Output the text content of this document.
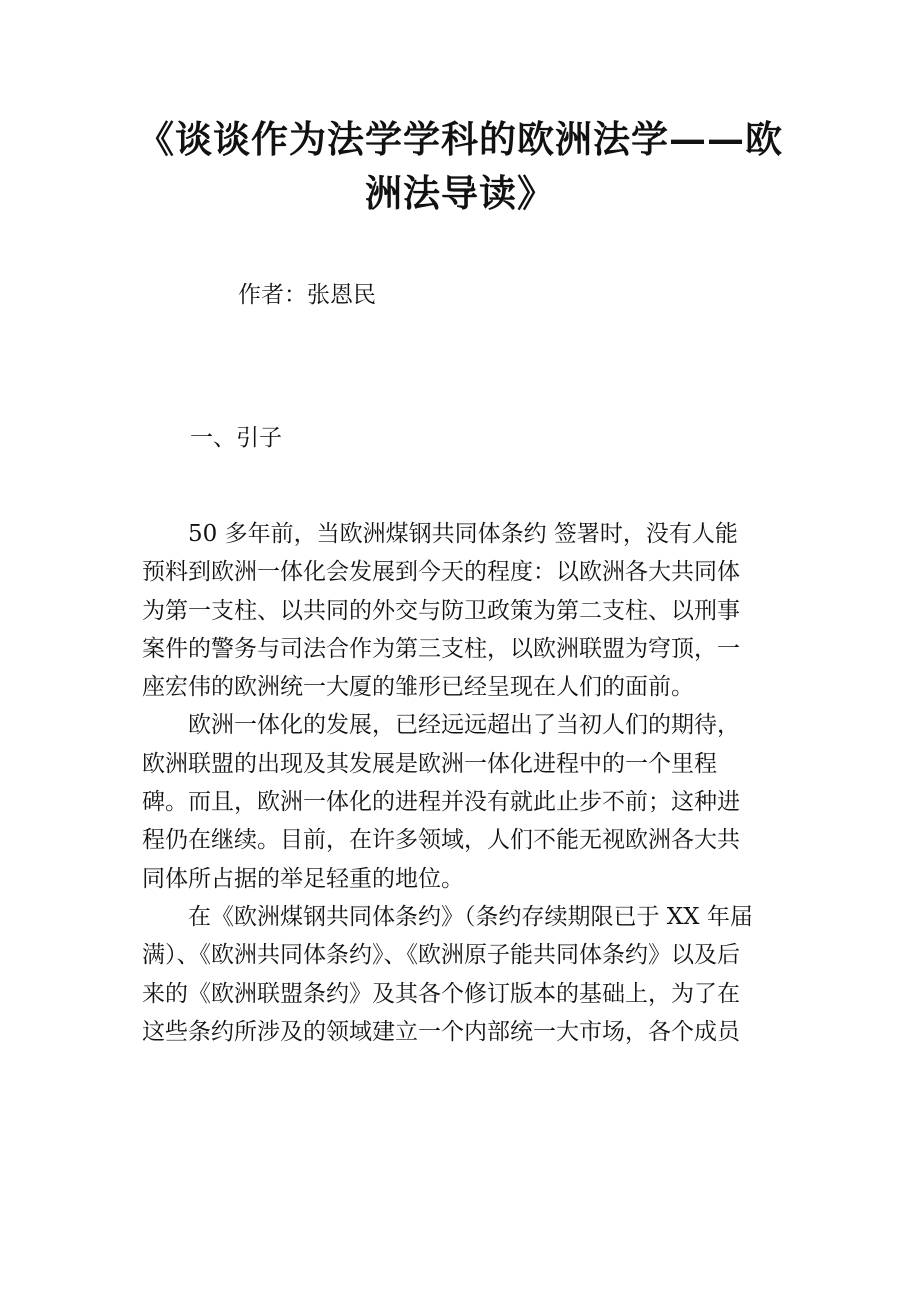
《谈谈作为法学学科的欧洲法学——欧洲法导读》

作者：张恩民

一、引子

50 多年前，当欧洲煤钢共同体条约 签署时，没有人能
预料到欧洲一体化会发展到今天的程度：以欧洲各大共同体
为第一支柱、以共同的外交与防卫政策为第二支柱、以刑事
案件的警务与司法合作为第三支柱，以欧洲联盟为穹顶，一
座宏伟的欧洲统一大厦的雏形已经呈现在人们的面前。

欧洲一体化的发展，已经远远超出了当初人们的期待，
欧洲联盟的出现及其发展是欧洲一体化进程中的一个里程
碑。而且，欧洲一体化的进程并没有就此止步不前；这种进
程仍在继续。目前，在许多领域，人们不能无视欧洲各大共
同体所占据的举足轻重的地位。

在《欧洲煤钢共同体条约》（条约存续期限已于 XX 年届
满）、《欧洲共同体条约》、《欧洲原子能共同体条约》以及后
来的《欧洲联盟条约》及其各个修订版本的基础上，为了在
这些条约所涉及的领域建立一个内部统一大市场，各个成员
